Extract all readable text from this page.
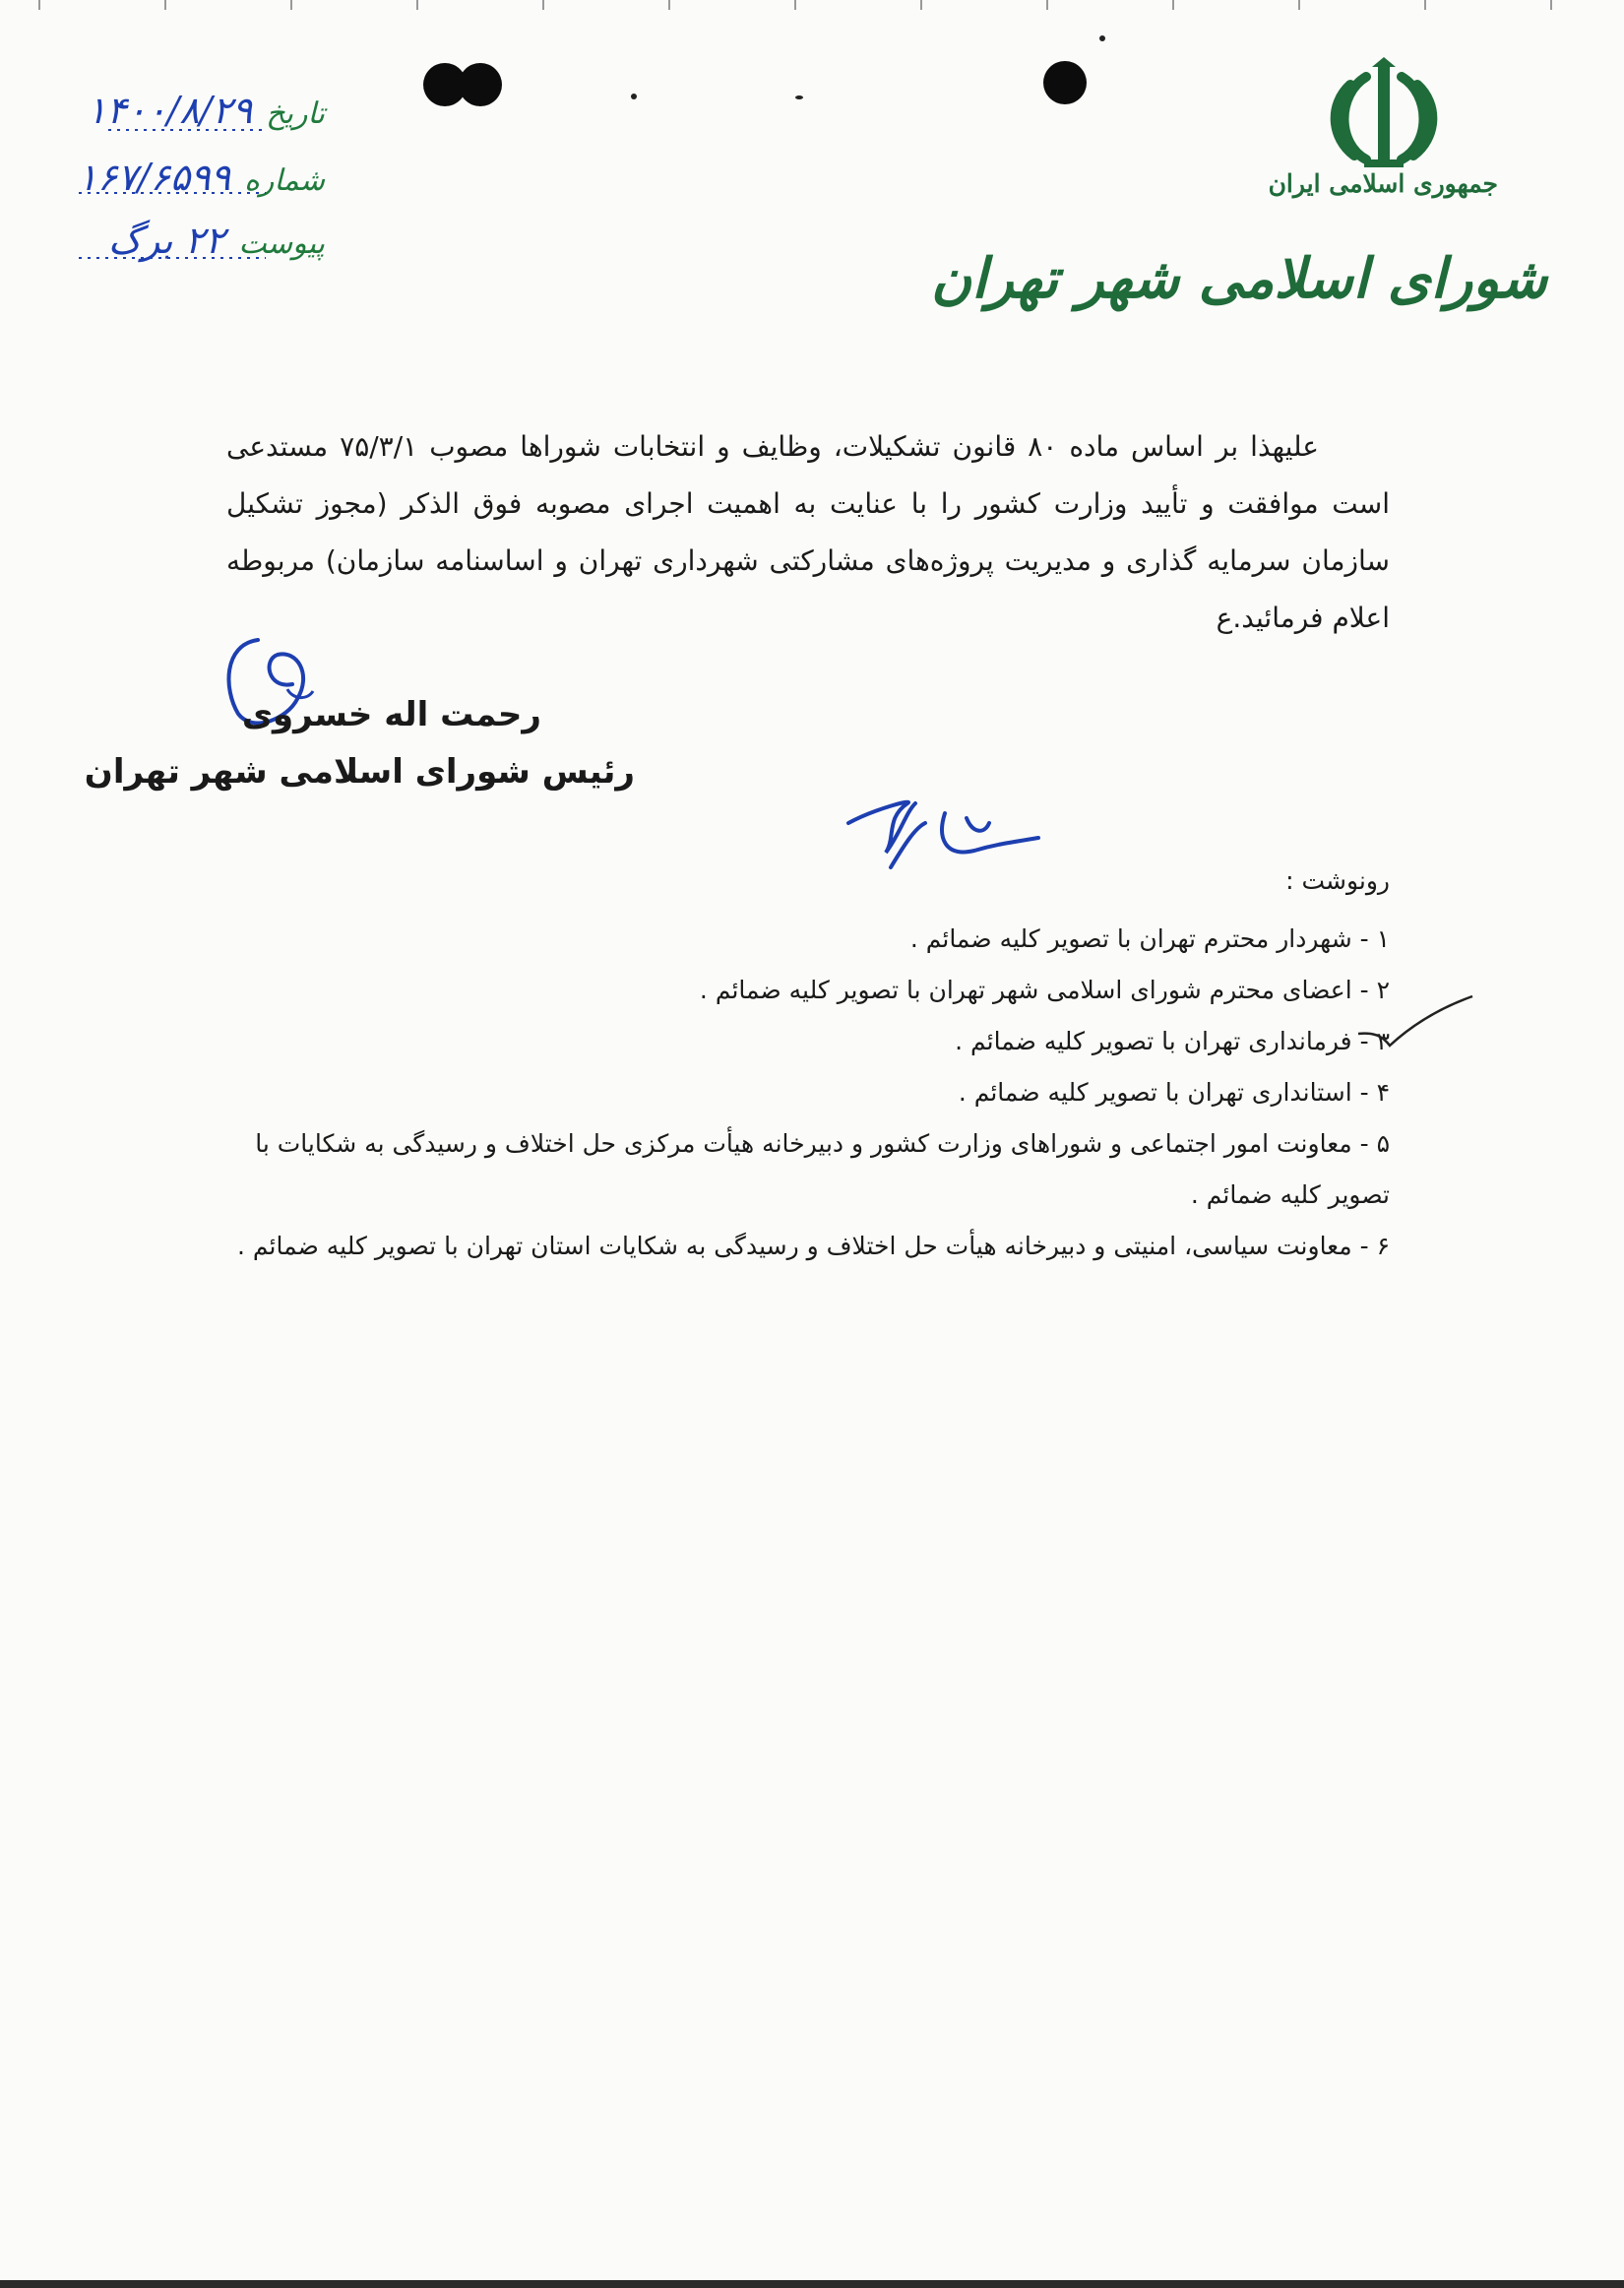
جمهوری اسلامی ایران
شورای اسلامی شهر تهران
تاریخ
۱۴۰۰/۸/۲۹
شماره
۱۶۷/۶۵۹۹
پیوست
۲۲ برگ

علیهذا بر اساس ماده ۸۰ قانون تشکیلات، وظایف و انتخابات شوراها مصوب ۷۵/۳/۱ مستدعی است موافقت و تأیید وزارت کشور را با عنایت به اهمیت اجرای مصوبه فوق الذکر (مجوز تشکیل سازمان سرمایه گذاری و مدیریت پروژه‌های مشارکتی شهرداری تهران و اساسنامه سازمان) مربوطه اعلام فرمائید.ع

رحمت اله خسروی
رئیس شورای اسلامی شهر تهران
رونوشت :
۱ - شهردار محترم تهران با تصویر کلیه ضمائم .
۲ - اعضای محترم شورای اسلامی شهر تهران با تصویر کلیه ضمائم .
۳ - فرمانداری تهران با تصویر کلیه ضمائم .
۴ - استانداری تهران با تصویر کلیه ضمائم .
۵ - معاونت امور اجتماعی و شوراهای وزارت کشور و دبیرخانه هیأت مرکزی حل اختلاف و رسیدگی به شکایات با تصویر کلیه ضمائم .
۶ - معاونت سیاسی، امنیتی و دبیرخانه هیأت حل اختلاف و رسیدگی به شکایات استان تهران با تصویر کلیه ضمائم .
